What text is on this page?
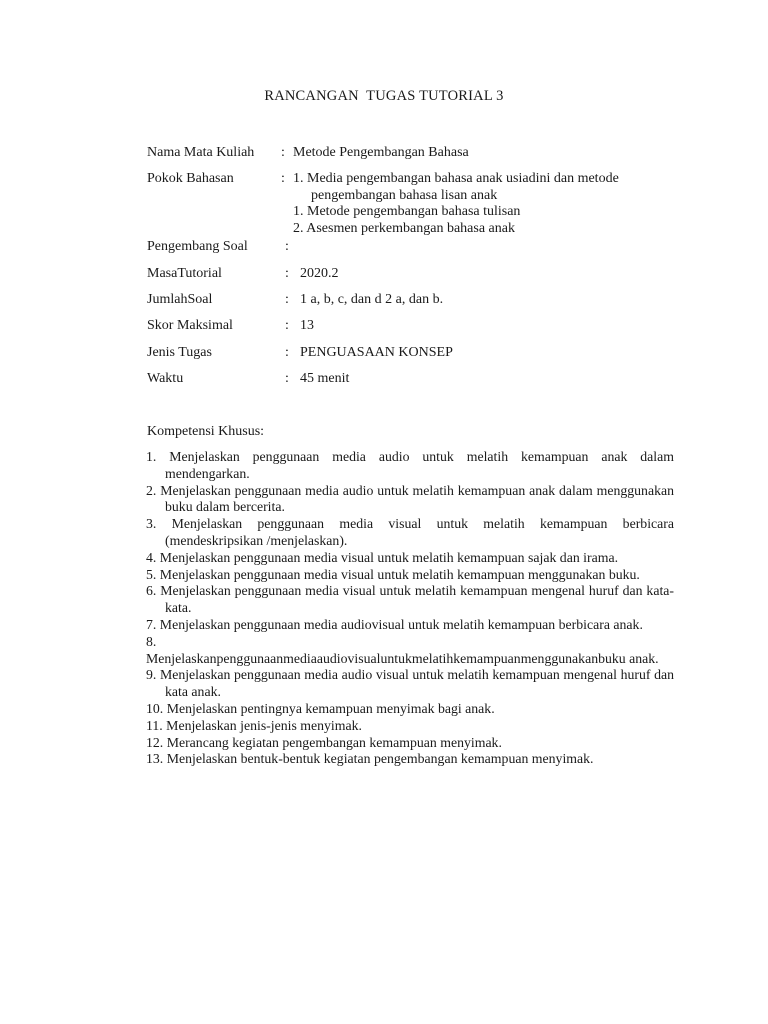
RANCANGAN  TUGAS TUTORIAL 3
Nama Mata Kuliah : Metode Pengembangan Bahasa
Pokok Bahasan	: 1. Media pengembangan bahasa anak usiadini dan metode
pengembangan bahasa lisan anak
1. Metode pengembangan bahasa tulisan
2. Asesmen perkembangan bahasa anak
Pengembang Soal	:
MasaTutorial	: 2020.2
JumlahSoal	: 1 a, b, c, dan d 2 a, dan b.
Skor Maksimal	: 13
Jenis Tugas	: PENGUASAAN KONSEP
Waktu	: 45 menit
Kompetensi Khusus:

1. Menjelaskan penggunaan media audio untuk melatih kemampuan anak dalam mendengarkan.

2. Menjelaskan penggunaan media audio untuk melatih kemampuan anak dalam menggunakan buku dalam bercerita.

3. Menjelaskan penggunaan media visual untuk melatih kemampuan berbicara (mendeskripsikan /menjelaskan).

4. Menjelaskan penggunaan media visual untuk melatih kemampuan sajak dan irama.

5. Menjelaskan penggunaan media visual untuk melatih kemampuan menggunakan buku.

6. Menjelaskan penggunaan media visual untuk melatih kemampuan mengenal huruf dan kata-kata.

7. Menjelaskan penggunaan media audiovisual untuk melatih kemampuan berbicara anak.

8.

Menjelaskanpenggunaanmediaaudiovisualuntukmelatihkemampuanmenggunakanbuku anak.

9. Menjelaskan penggunaan media audio visual untuk melatih kemampuan mengenal huruf dan kata anak.

10. Menjelaskan pentingnya kemampuan menyimak bagi anak.

11. Menjelaskan jenis-jenis menyimak.

12. Merancang kegiatan pengembangan kemampuan menyimak.

13. Menjelaskan bentuk-bentuk kegiatan pengembangan kemampuan menyimak.
